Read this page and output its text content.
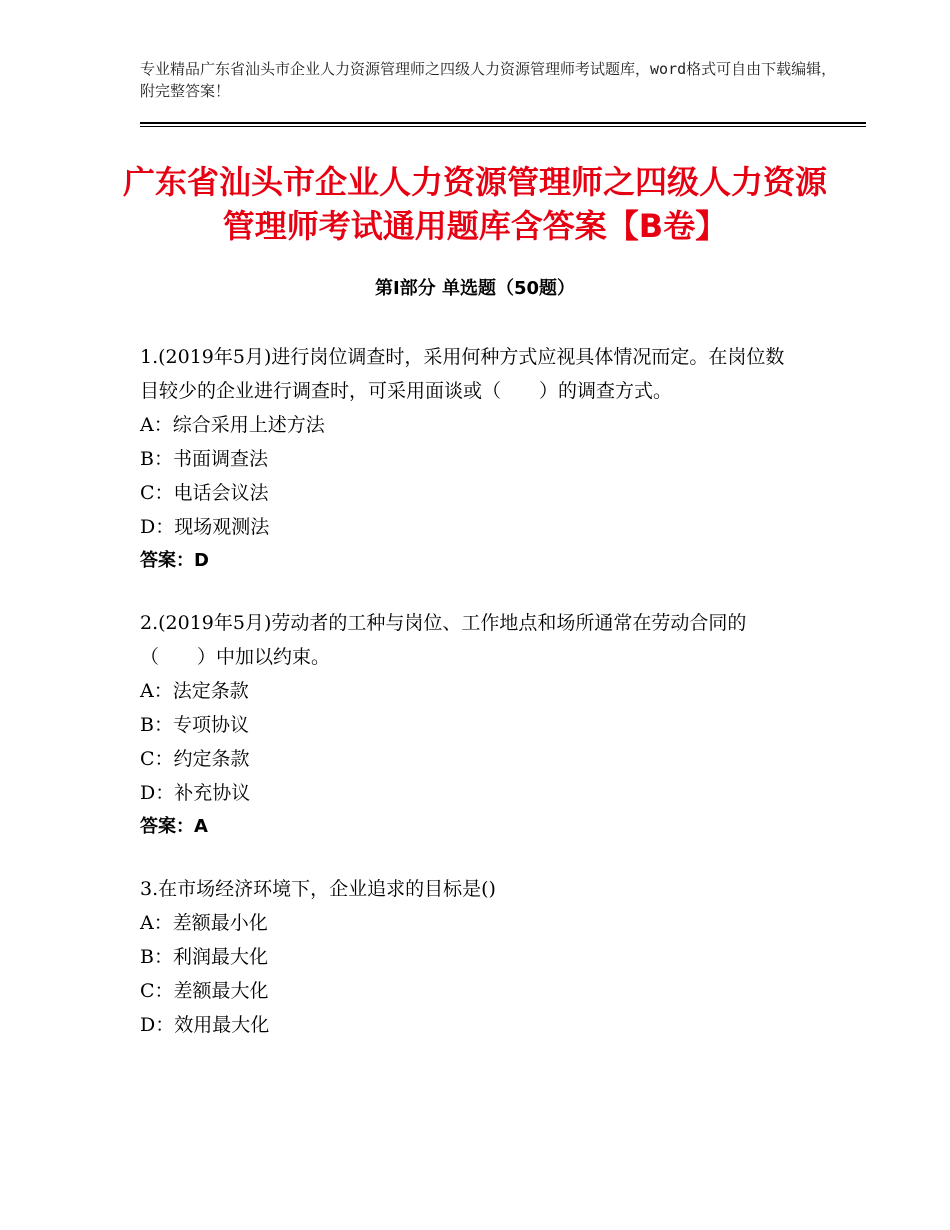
专业精品广东省汕头市企业人力资源管理师之四级人力资源管理师考试题库，word格式可自由下载编辑，附完整答案！
广东省汕头市企业人力资源管理师之四级人力资源管理师考试通用题库含答案【B卷】
第Ⅰ部分 单选题（50题）

1.(2019年5月)进行岗位调查时，采用何种方式应视具体情况而定。在岗位数目较少的企业进行调查时，可采用面谈或（　　）的调查方式。

A：综合采用上述方法

B：书面调查法

C：电话会议法

D：现场观测法

答案：D

2.(2019年5月)劳动者的工种与岗位、工作地点和场所通常在劳动合同的（　　）中加以约束。

A：法定条款

B：专项协议

C：约定条款

D：补充协议

答案：A

3.在市场经济环境下，企业追求的目标是()

A：差额最小化

B：利润最大化

C：差额最大化

D：效用最大化
